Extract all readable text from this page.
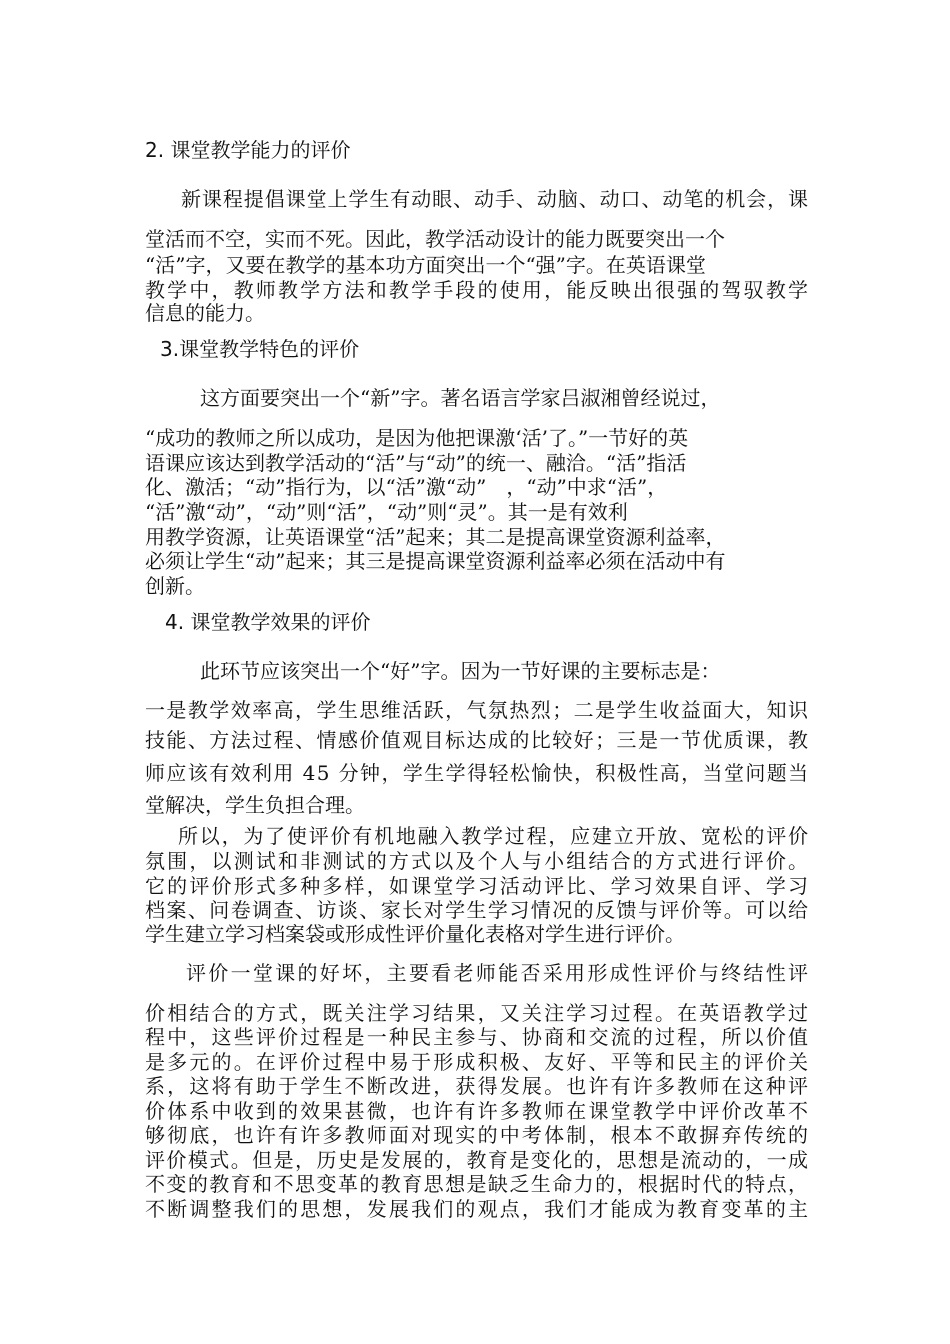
2. 课堂教学能力的评价
新课程提倡课堂上学生有动眼、动手、动脑、动口、动笔的机会，课
堂活而不空，实而不死。因此，教学活动设计的能力既要突出一个
“活”字，又要在教学的基本功方面突出一个“强”字。在英语课堂
教学中，教师教学方法和教学手段的使用，能反映出很强的驾驭教学
信息的能力。
3.课堂教学特色的评价
这方面要突出一个“新”字。著名语言学家吕淑湘曾经说过，
“成功的教师之所以成功，是因为他把课激‘活’了。”一节好的英
语课应该达到教学活动的“活”与“动”的统一、融洽。“活”指活
化、激活；“动”指行为，以“活”激“动”　，“动”中求“活”，
“活”激“动”，“动”则“活”，“动”则“灵”。其一是有效利
用教学资源，让英语课堂“活”起来；其二是提高课堂资源利益率，
必须让学生“动”起来；其三是提高课堂资源利益率必须在活动中有
创新。
4. 课堂教学效果的评价
此环节应该突出一个“好”字。因为一节好课的主要标志是：
一是教学效率高，学生思维活跃，气氛热烈；二是学生收益面大，知识
技能、方法过程、情感价值观目标达成的比较好；三是一节优质课，教
师应该有效利用 45 分钟，学生学得轻松愉快，积极性高，当堂问题当
堂解决，学生负担合理。
所以，为了使评价有机地融入教学过程，应建立开放、宽松的评价
氛围，以测试和非测试的方式以及个人与小组结合的方式进行评价。
它的评价形式多种多样，如课堂学习活动评比、学习效果自评、学习
档案、问卷调查、访谈、家长对学生学习情况的反馈与评价等。可以给
学生建立学习档案袋或形成性评价量化表格对学生进行评价。
评价一堂课的好坏，主要看老师能否采用形成性评价与终结性评
价相结合的方式，既关注学习结果，又关注学习过程。在英语教学过
程中，这些评价过程是一种民主参与、协商和交流的过程，所以价值
是多元的。在评价过程中易于形成积极、友好、平等和民主的评价关
系，这将有助于学生不断改进，获得发展。也许有许多教师在这种评
价体系中收到的效果甚微，也许有许多教师在课堂教学中评价改革不
够彻底，也许有许多教师面对现实的中考体制，根本不敢摒弃传统的
评价模式。但是，历史是发展的，教育是变化的，思想是流动的，一成
不变的教育和不思变革的教育思想是缺乏生命力的，根据时代的特点，
不断调整我们的思想，发展我们的观点，我们才能成为教育变革的主
